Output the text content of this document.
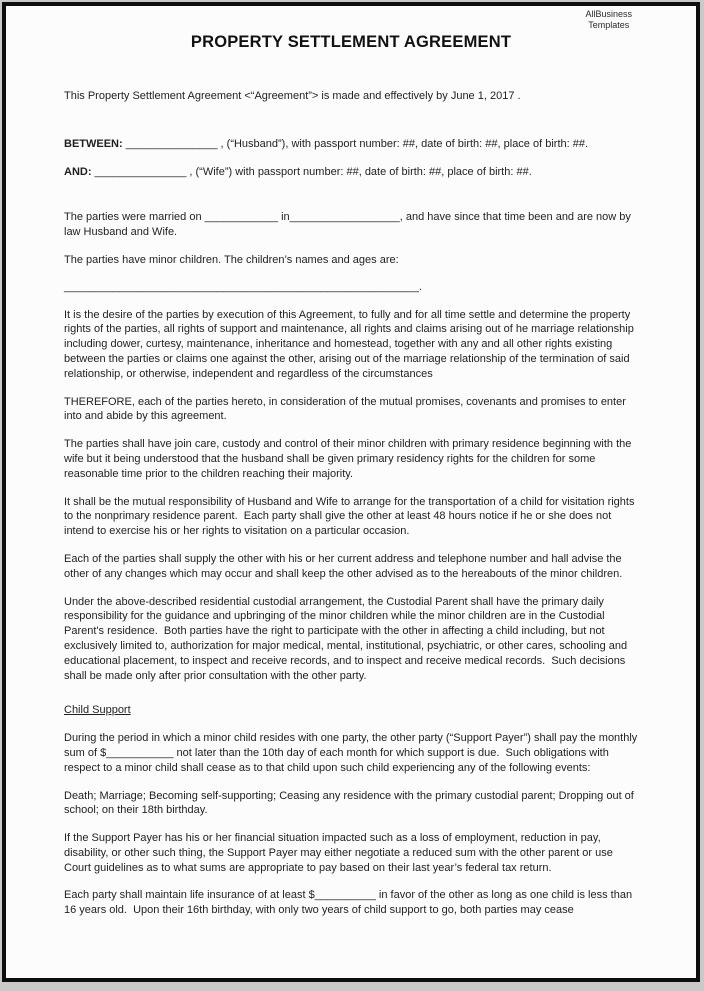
AllBusiness
Templates
PROPERTY SETTLEMENT AGREEMENT

This Property Settlement Agreement <“Agreement”> is made and effectively by June 1, 2017 .

BETWEEN: _______________ , (“Husband”), with passport number: ##, date of birth: ##, place of birth: ##.

AND: _______________ , (“Wife”) with passport number: ##, date of birth: ##, place of birth: ##.

The parties were married on ____________ in__________________, and have since that time been and are now by law Husband and Wife.

The parties have minor children. The children’s names and ages are:

__________________________________________________________.

It is the desire of the parties by execution of this Agreement, to fully and for all time settle and determine the property rights of the parties, all rights of support and maintenance, all rights and claims arising out of he marriage relationship including dower, curtesy, maintenance, inheritance and homestead, together with any and all other rights existing between the parties or claims one against the other, arising out of the marriage relationship of the termination of said relationship, or otherwise, independent and regardless of the circumstances

THEREFORE, each of the parties hereto, in consideration of the mutual promises, covenants and promises to enter into and abide by this agreement.

The parties shall have join care, custody and control of their minor children with primary residence beginning with the wife but it being understood that the husband shall be given primary residency rights for the children for some reasonable time prior to the children reaching their majority.

It shall be the mutual responsibility of Husband and Wife to arrange for the transportation of a child for visitation rights to the nonprimary residence parent.  Each party shall give the other at least 48 hours notice if he or she does not intend to exercise his or her rights to visitation on a particular occasion.

Each of the parties shall supply the other with his or her current address and telephone number and hall advise the other of any changes which may occur and shall keep the other advised as to the hereabouts of the minor children.

Under the above-described residential custodial arrangement, the Custodial Parent shall have the primary daily responsibility for the guidance and upbringing of the minor children while the minor children are in the Custodial Parent's residence.  Both parties have the right to participate with the other in affecting a child including, but not exclusively limited to, authorization for major medical, mental, institutional, psychiatric, or other cares, schooling and educational placement, to inspect and receive records, and to inspect and receive medical records.  Such decisions shall be made only after prior consultation with the other party.

Child Support

During the period in which a minor child resides with one party, the other party (“Support Payer”) shall pay the monthly sum of $___________ not later than the 10th day of each month for which support is due.  Such obligations with respect to a minor child shall cease as to that child upon such child experiencing any of the following events:

Death; Marriage; Becoming self-supporting; Ceasing any residence with the primary custodial parent; Dropping out of school; on their 18th birthday.

If the Support Payer has his or her financial situation impacted such as a loss of employment, reduction in pay, disability, or other such thing, the Support Payer may either negotiate a reduced sum with the other parent or use Court guidelines as to what sums are appropriate to pay based on their last year’s federal tax return.

Each party shall maintain life insurance of at least $__________ in favor of the other as long as one child is less than 16 years old.  Upon their 16th birthday, with only two years of child support to go, both parties may cease
